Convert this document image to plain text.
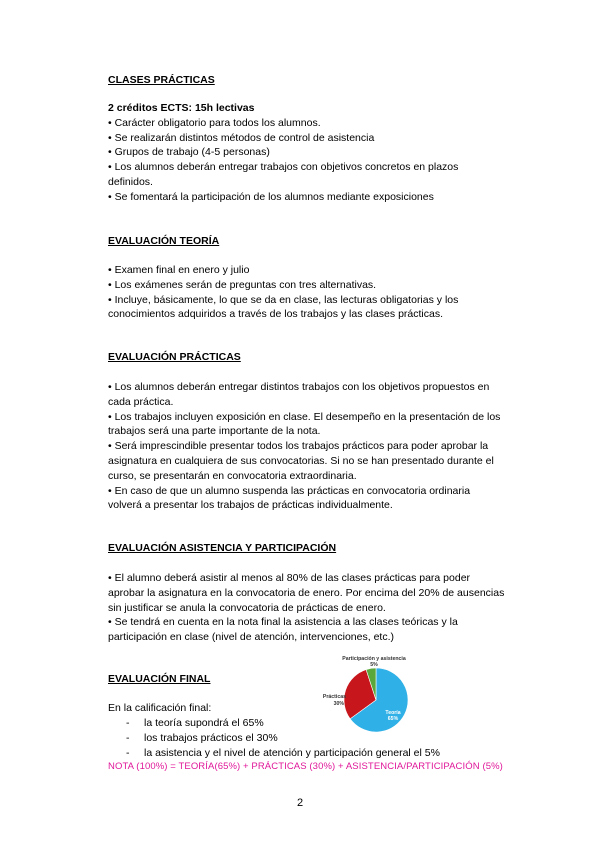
CLASES PRÁCTICAS
2 créditos ECTS: 15h lectivas
• Carácter obligatorio para todos los alumnos.
• Se realizarán distintos métodos de control de asistencia
• Grupos de trabajo (4-5 personas)
• Los alumnos deberán entregar trabajos con objetivos concretos en plazos
definidos.
• Se fomentará la participación de los alumnos mediante exposiciones
EVALUACIÓN TEORÍA
• Examen final en enero y julio
• Los exámenes serán de preguntas con tres alternativas.
• Incluye, básicamente, lo que se da en clase, las lecturas obligatorias y los
conocimientos adquiridos a través de los trabajos y las clases prácticas.
EVALUACIÓN PRÁCTICAS
• Los alumnos deberán entregar distintos trabajos con los objetivos propuestos en
cada práctica.
• Los trabajos incluyen exposición en clase. El desempeño en la presentación de los
trabajos será una parte importante de la nota.
• Será imprescindible presentar todos los trabajos prácticos para poder aprobar la
asignatura en cualquiera de sus convocatorias. Si no se han presentado durante el
curso, se presentarán en convocatoria extraordinaria.
• En caso de que un alumno suspenda las prácticas en convocatoria ordinaria
volverá a presentar los trabajos de prácticas individualmente.
EVALUACIÓN ASISTENCIA Y PARTICIPACIÓN
• El alumno deberá asistir al menos al 80% de las clases prácticas para poder
aprobar la asignatura en la convocatoria de enero. Por encima del 20% de ausencias
sin justificar se anula la convocatoria de prácticas de enero.
• Se tendrá en cuenta en la nota final la asistencia a las clases teóricas y la
participación en clase (nivel de atención, intervenciones, etc.)
EVALUACIÓN FINAL
En la calificación final:
- la teoría supondrá el 65%
- los trabajos prácticos el 30%
- la asistencia y el nivel de atención y participación general el 5%
NOTA (100%) = TEORÍA(65%) + PRÁCTICAS (30%) + ASISTENCIA/PARTICIPACIÓN (5%)
Teoría
65%
Prácticas
30%
Participación y asistencia
5%
2
